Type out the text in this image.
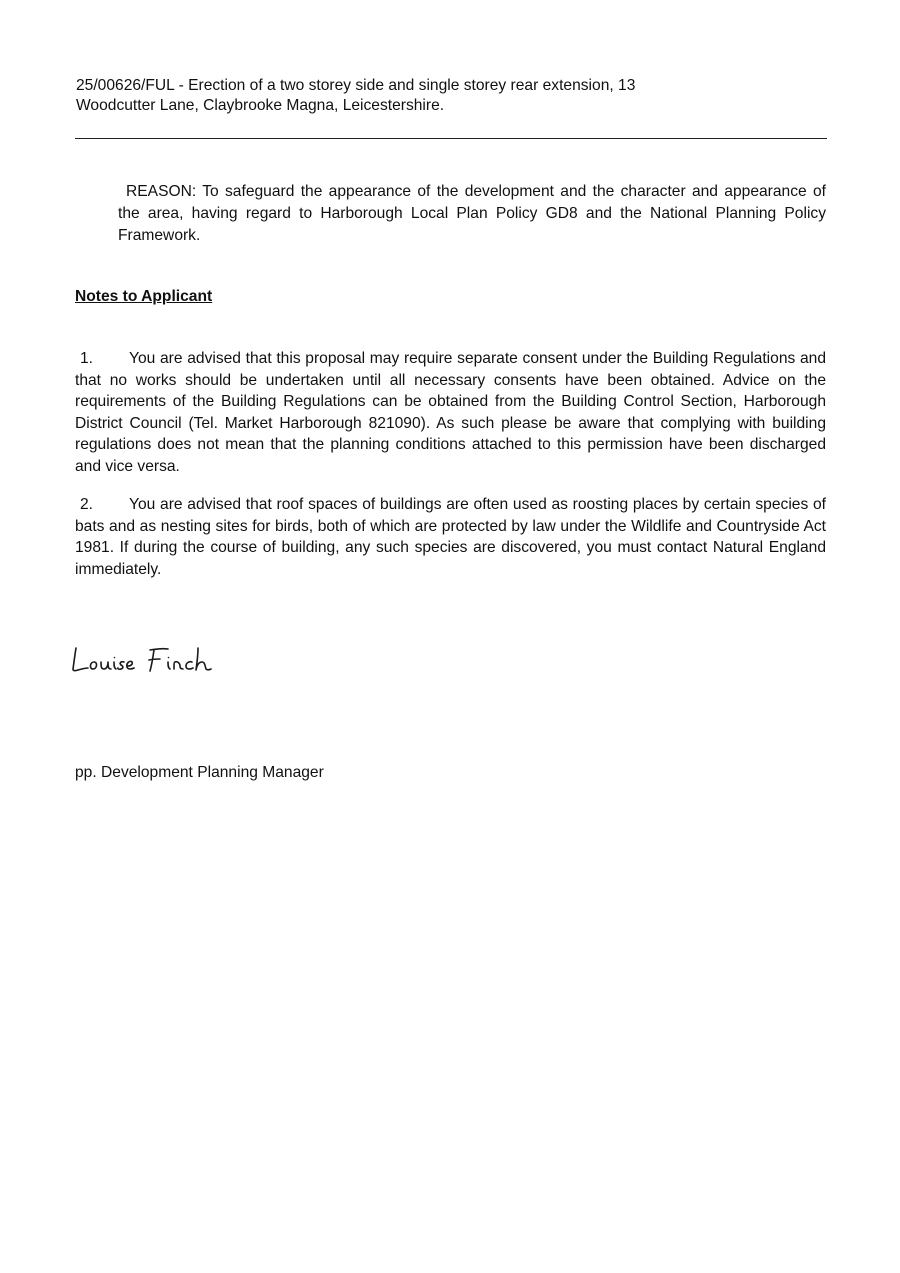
25/00626/FUL - Erection of a two storey side and single storey rear extension, 13
Woodcutter Lane, Claybrooke Magna, Leicestershire.
REASON: To safeguard the appearance of the development and the character and appearance of the area, having regard to Harborough Local Plan Policy GD8 and the National Planning Policy Framework.
Notes to Applicant
1. You are advised that this proposal may require separate consent under the Building Regulations and that no works should be undertaken until all necessary consents have been obtained. Advice on the requirements of the Building Regulations can be obtained from the Building Control Section, Harborough District Council (Tel. Market Harborough 821090). As such please be aware that complying with building regulations does not mean that the planning conditions attached to this permission have been discharged and vice versa.
2. You are advised that roof spaces of buildings are often used as roosting places by certain species of bats and as nesting sites for birds, both of which are protected by law under the Wildlife and Countryside Act 1981. If during the course of building, any such species are discovered, you must contact Natural England immediately.
pp. Development Planning Manager
